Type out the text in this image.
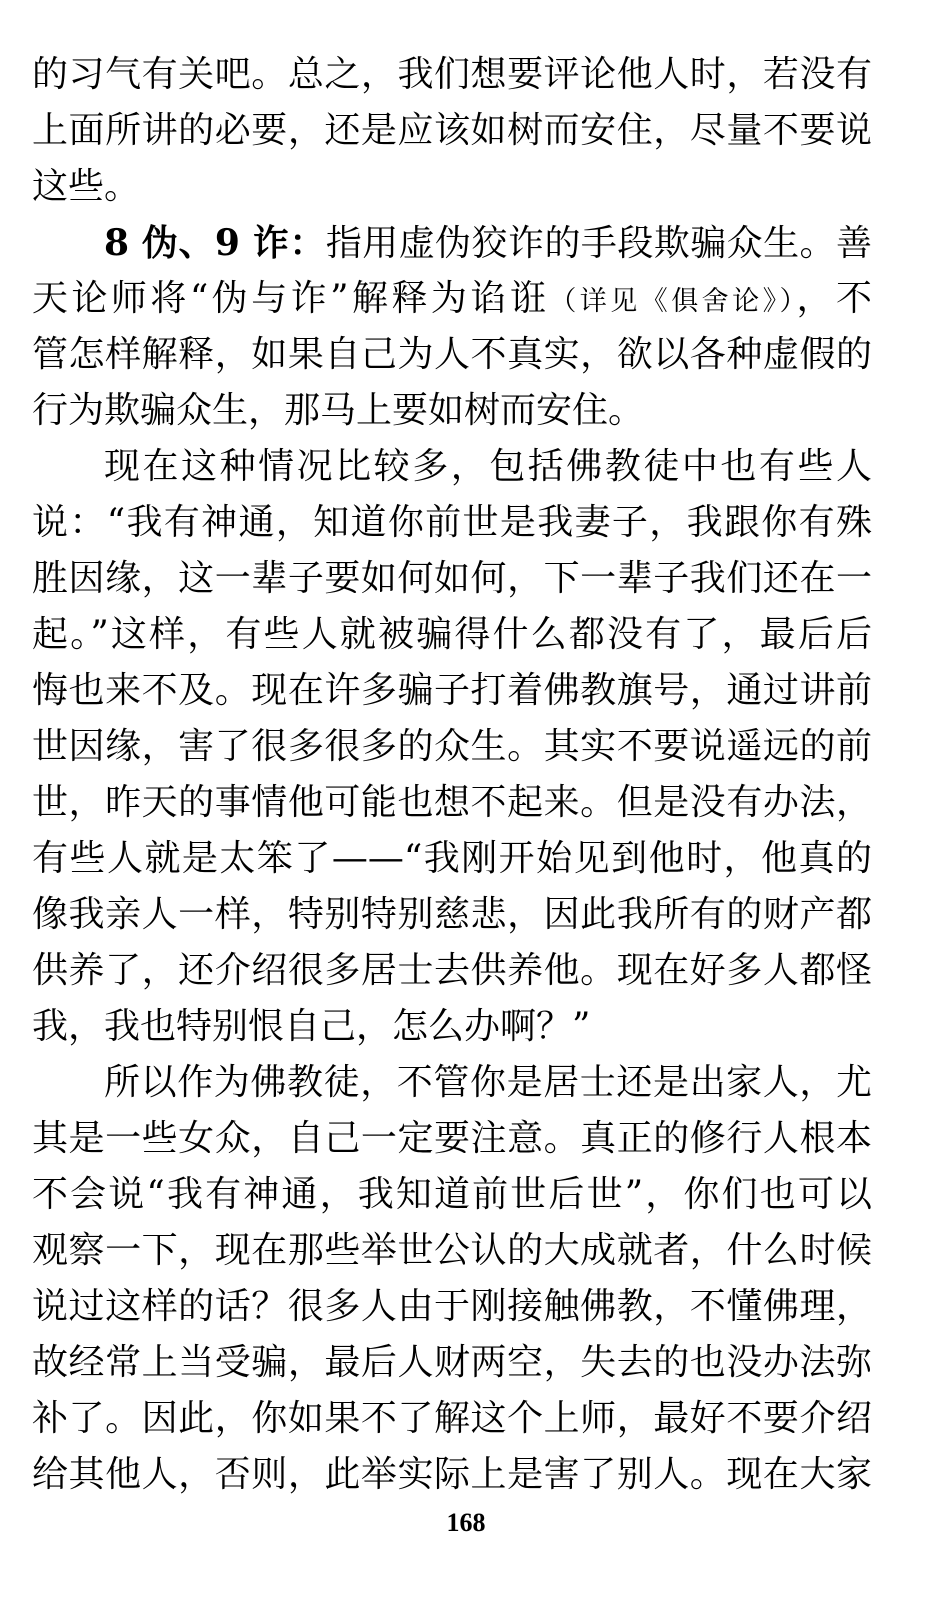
的习气有关吧。总之，我们想要评论他人时，若没有
上面所讲的必要，还是应该如树而安住，尽量不要说
这些。
8 伪、9 诈：指用虚伪狡诈的手段欺骗众生。善
天论师将“伪与诈”解释为谄诳（详见《俱舍论》），不
管怎样解释，如果自己为人不真实，欲以各种虚假的
行为欺骗众生，那马上要如树而安住。
现在这种情况比较多，包括佛教徒中也有些人
说：“我有神通，知道你前世是我妻子，我跟你有殊
胜因缘，这一辈子要如何如何，下一辈子我们还在一
起。”这样，有些人就被骗得什么都没有了，最后后
悔也来不及。现在许多骗子打着佛教旗号，通过讲前
世因缘，害了很多很多的众生。其实不要说遥远的前
世，昨天的事情他可能也想不起来。但是没有办法，
有些人就是太笨了——“我刚开始见到他时，他真的
像我亲人一样，特别特别慈悲，因此我所有的财产都
供养了，还介绍很多居士去供养他。现在好多人都怪
我，我也特别恨自己，怎么办啊？”
所以作为佛教徒，不管你是居士还是出家人，尤
其是一些女众，自己一定要注意。真正的修行人根本
不会说“我有神通，我知道前世后世”，你们也可以
观察一下，现在那些举世公认的大成就者，什么时候
说过这样的话？很多人由于刚接触佛教，不懂佛理，
故经常上当受骗，最后人财两空，失去的也没办法弥
补了。因此，你如果不了解这个上师，最好不要介绍
给其他人，否则，此举实际上是害了别人。现在大家
168
